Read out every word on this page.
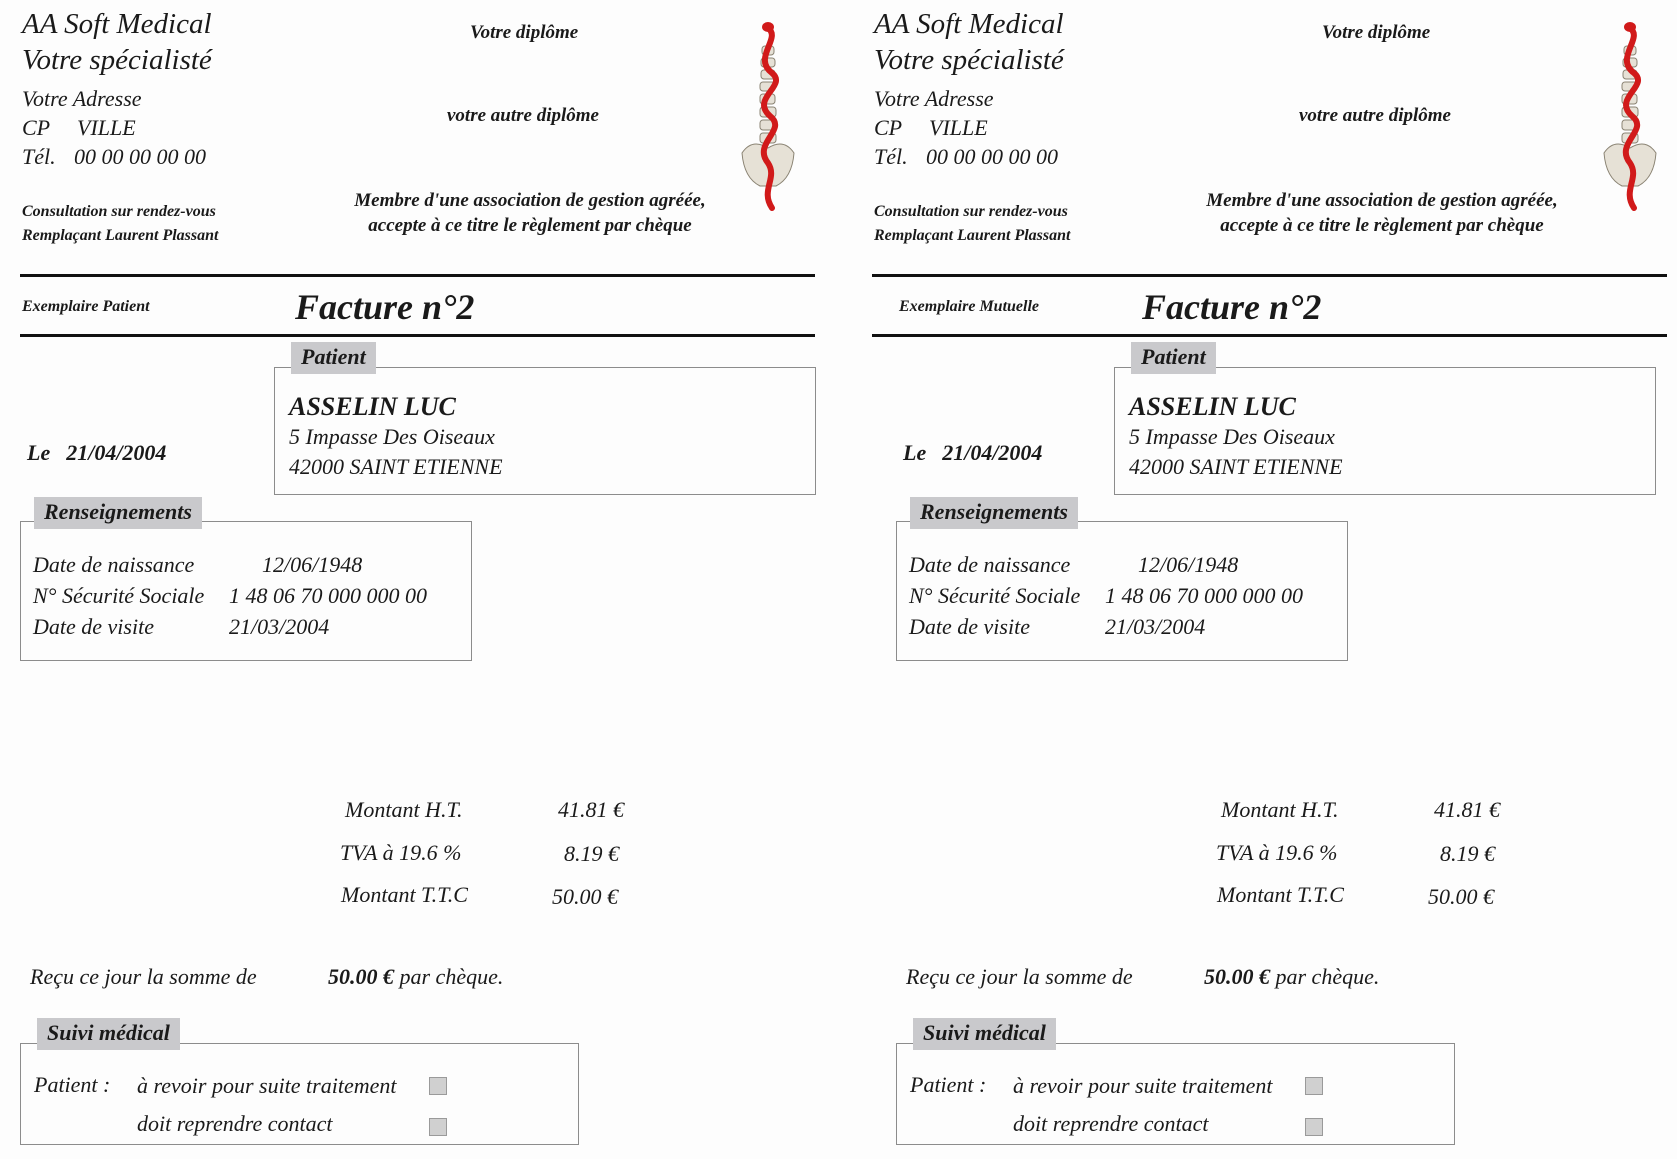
AA Soft Medical
Votre spécialisté
Votre Adresse
CP VILLE
Tél. 00 00 00 00 00
Consultation sur rendez-vous
Remplaçant Laurent Plassant
Votre diplôme
votre autre diplôme
Membre d'une association de gestion agréée, accepte à ce titre le règlement par chèque
Exemplaire Patient	Facture n°2
Patient
ASSELIN LUC
5 Impasse Des Oiseaux
42000 SAINT ETIENNE
Le 21/04/2004
Renseignements
Date de naissance	12/06/1948
N° Sécurité Sociale 1 48 06 70 000 000 00
Date de visite	21/03/2004
Montant H.T.	41.81 €
TVA à 19.6 %	8.19 €
Montant T.T.C	50.00 €
Reçu ce jour la somme de	50.00 € par chèque.
Suivi médical
Patient : à revoir pour suite traitement
doit reprendre contact
AA Soft Medical
Votre spécialisté
Votre Adresse
CP VILLE
Tél. 00 00 00 00 00
Consultation sur rendez-vous
Remplaçant Laurent Plassant
Votre diplôme
votre autre diplôme
Membre d'une association de gestion agréée, accepte à ce titre le règlement par chèque
Exemplaire Mutuelle	Facture n°2
Patient
ASSELIN LUC
5 Impasse Des Oiseaux
42000 SAINT ETIENNE
Le 21/04/2004
Renseignements
Date de naissance	12/06/1948
N° Sécurité Sociale 1 48 06 70 000 000 00
Date de visite	21/03/2004
Montant H.T.	41.81 €
TVA à 19.6 %	8.19 €
Montant T.T.C	50.00 €
Reçu ce jour la somme de	50.00 € par chèque.
Suivi médical
Patient : à revoir pour suite traitement
doit reprendre contact
